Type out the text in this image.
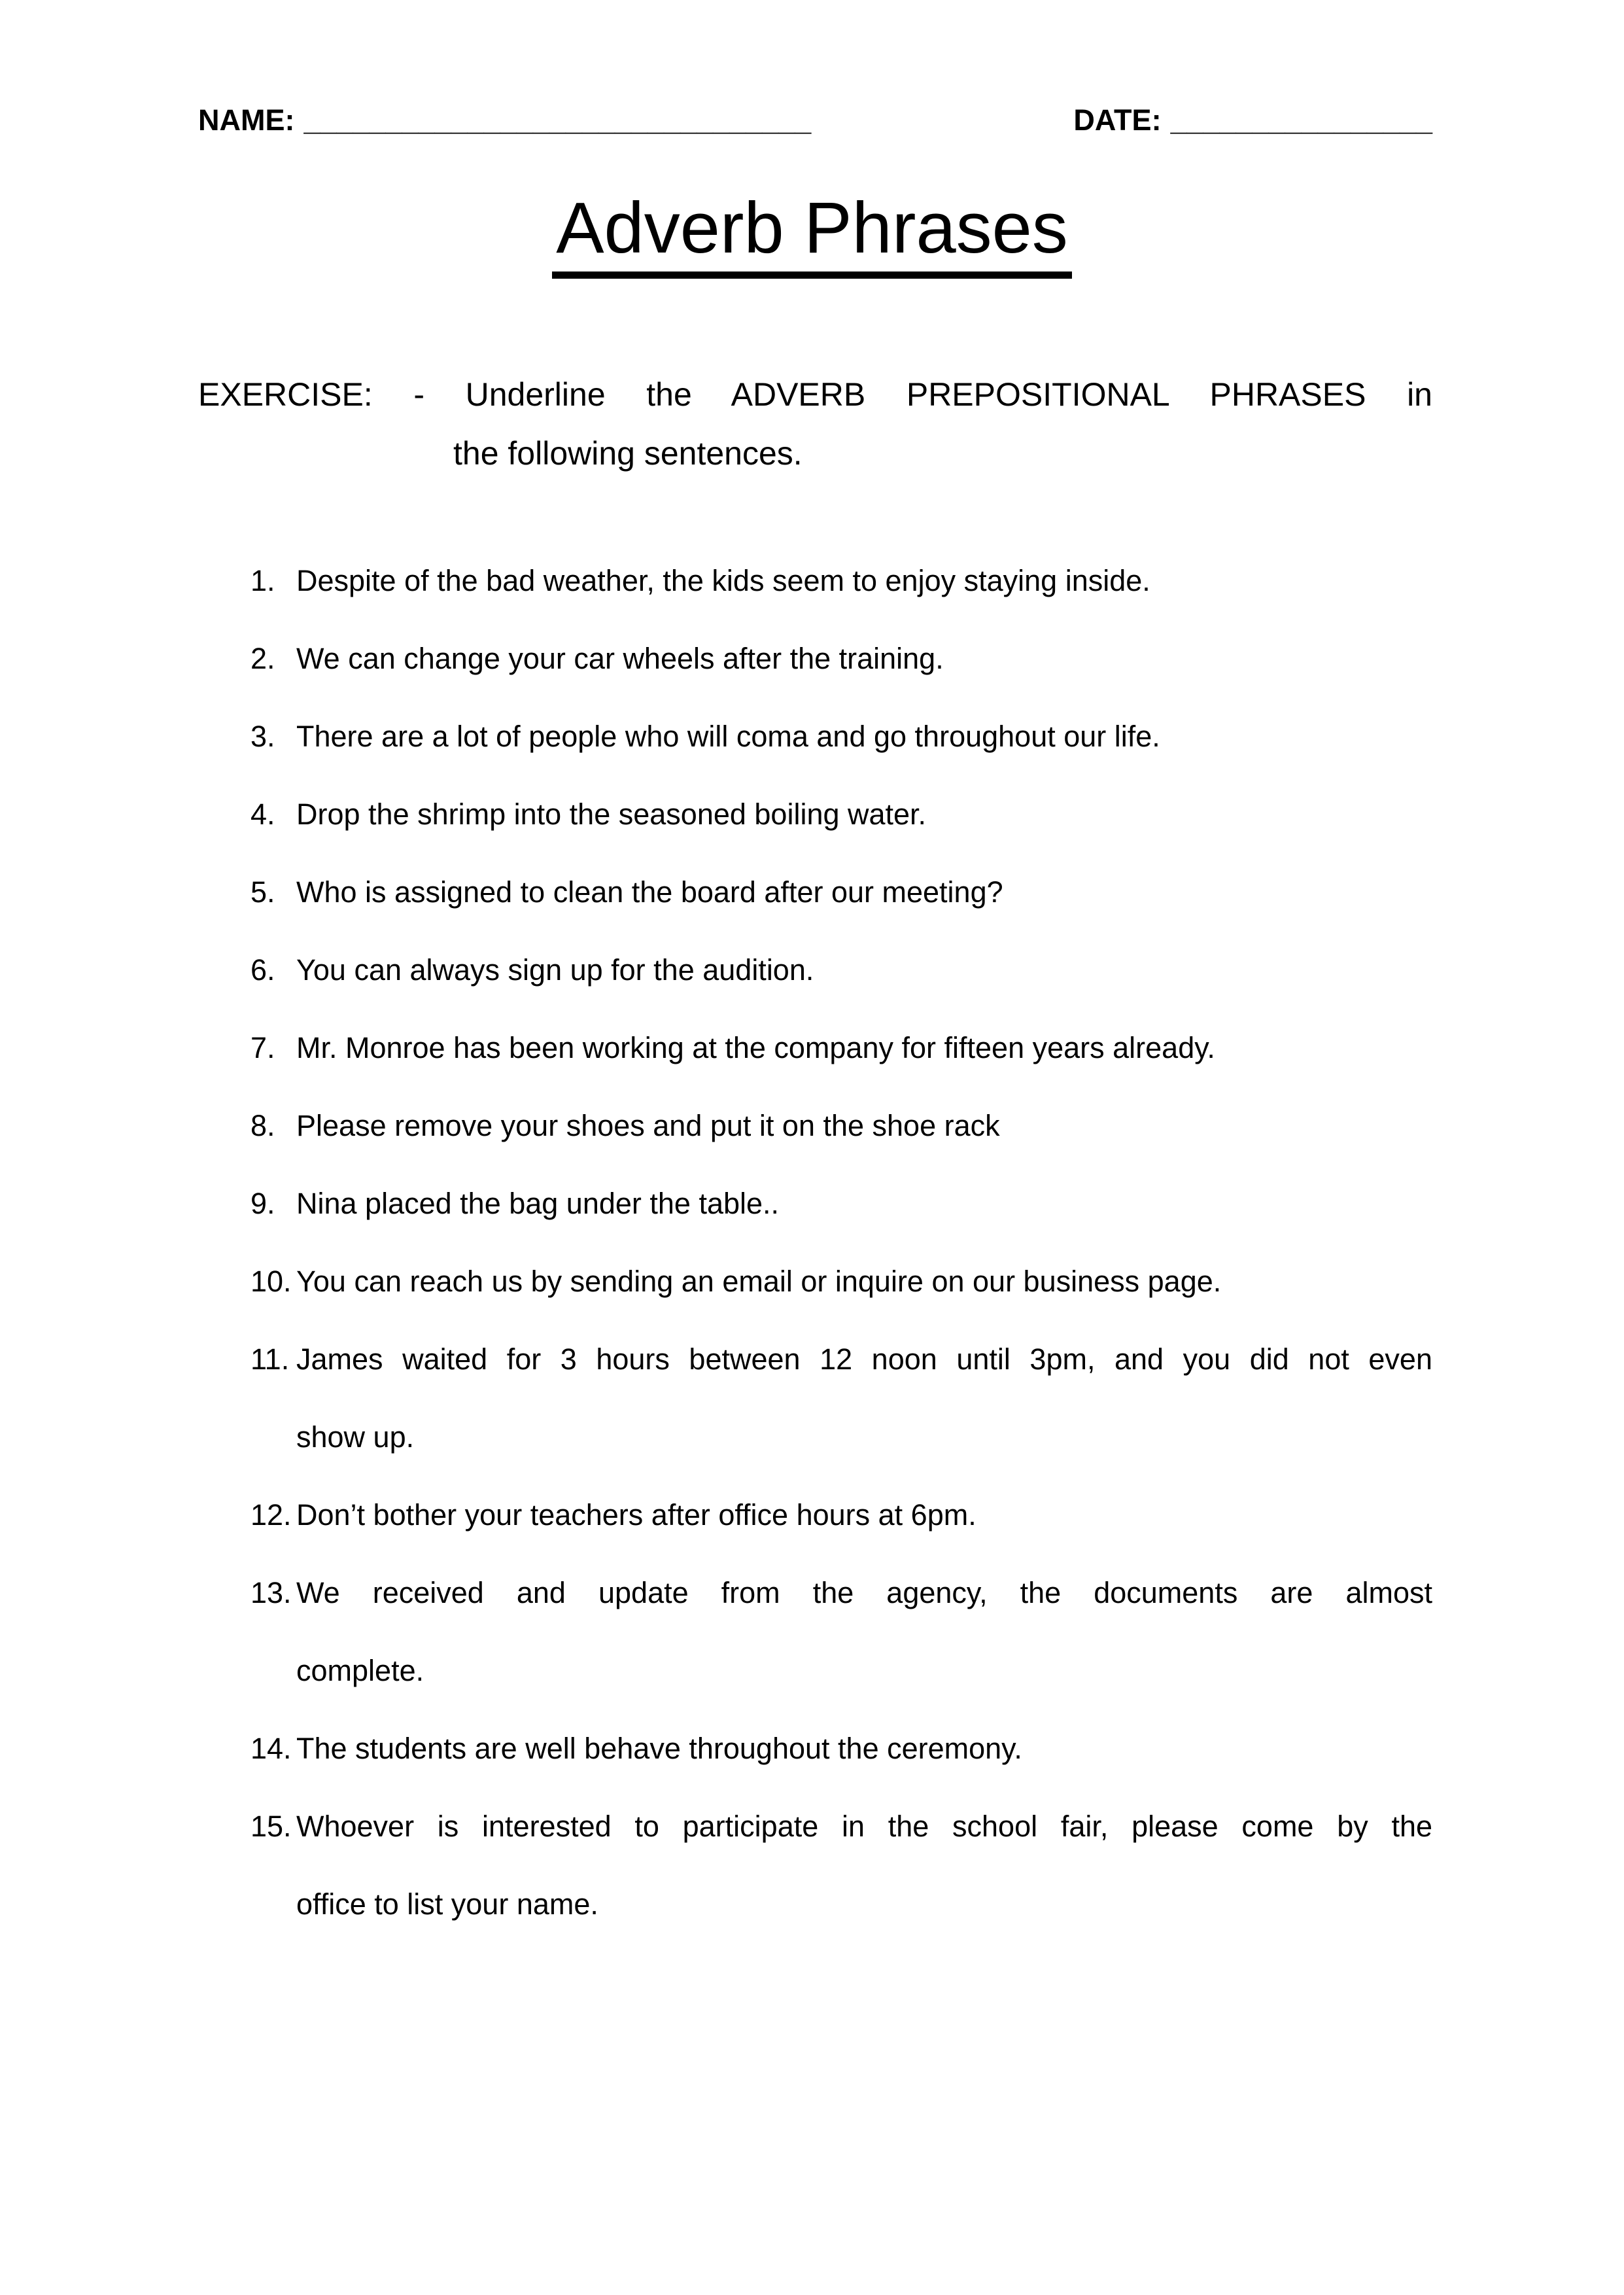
NAME: _______________________________	DATE: ________________
Adverb Phrases
EXERCISE: - Underline the ADVERB PREPOSITIONAL PHRASES in
the following sentences.
1. Despite of the bad weather, the kids seem to enjoy staying inside.
2. We can change your car wheels after the training.
3. There are a lot of people who will coma and go throughout our life.
4. Drop the shrimp into the seasoned boiling water.
5. Who is assigned to clean the board after our meeting?
6. You can always sign up for the audition.
7. Mr. Monroe has been working at the company for fifteen years already.
8. Please remove your shoes and put it on the shoe rack
9. Nina placed the bag under the table..
10. You can reach us by sending an email or inquire on our business page.
11. James waited for 3 hours between 12 noon until 3pm, and you did not even
show up.
12. Don’t bother your teachers after office hours at 6pm.
13. We received and update from the agency, the documents are almost
complete.
14. The students are well behave throughout the ceremony.
15. Whoever is interested to participate in the school fair, please come by the
office to list your name.
